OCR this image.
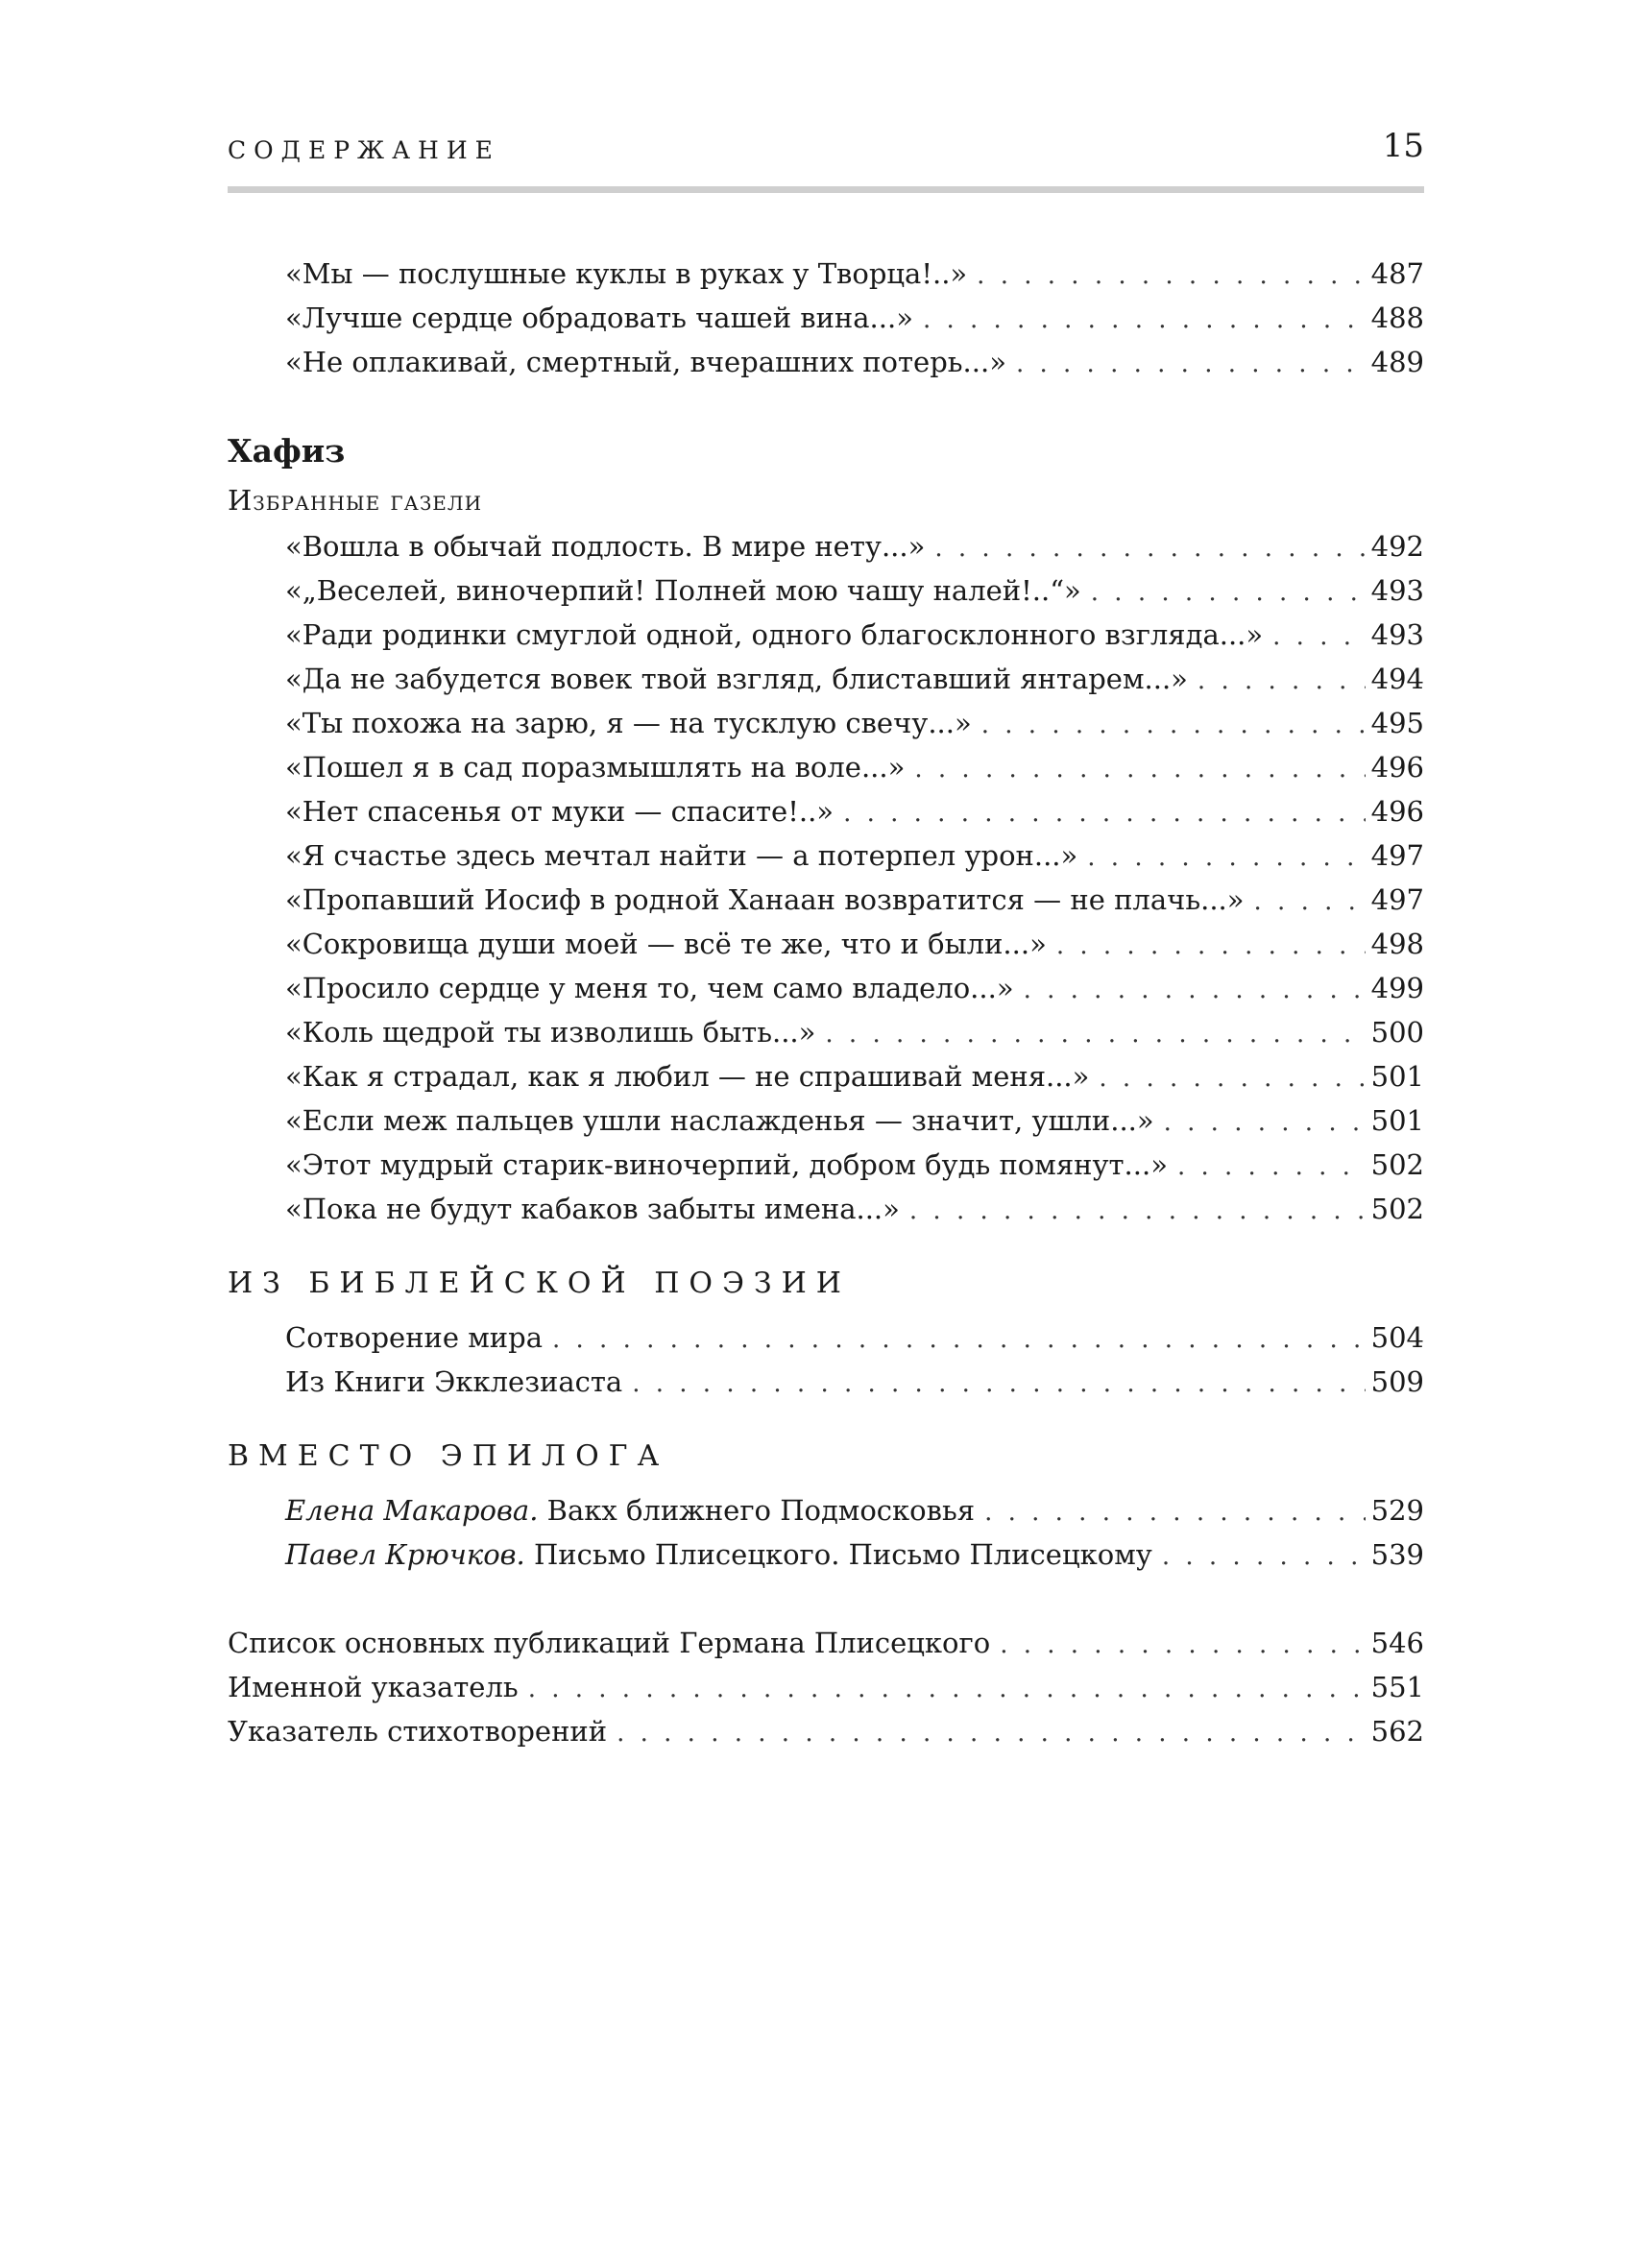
СОДЕРЖАНИЕ	15
«Мы — послушные куклы в руках у Творца!..» . . .	487
«Лучше сердце обрадовать чашей вина...» . . .	488
«Не оплакивай, смертный, вчерашних потерь...» . . .	489
Хафиз
Избранные газели
«Вошла в обычай подлость. В мире нету...» . . .	492
«„Веселей, виночерпий! Полней мою чашу налей!..“» . . .	493
«Ради родинки смуглой одной, одного благосклонного взгляда...» . . .	493
«Да не забудется вовек твой взгляд, блиставший янтарем...» . . .	494
«Ты похожа на зарю, я — на тусклую свечу...» . . .	495
«Пошел я в сад поразмышлять на воле...» . . .	496
«Нет спасенья от муки — спасите!..» . . .	496
«Я счастье здесь мечтал найти — а потерпел урон...» . . .	497
«Пропавший Иосиф в родной Ханаан возвратится — не плачь...» . . .	497
«Сокровища души моей — всё те же, что и были...» . . .	498
«Просило сердце у меня то, чем само владело...» . . .	499
«Коль щедрой ты изволишь быть...» . . .	500
«Как я страдал, как я любил — не спрашивай меня...» . . .	501
«Если меж пальцев ушли наслажденья — значит, ушли...» . . .	501
«Этот мудрый старик-виночерпий, добром будь помянут...» . . .	502
«Пока не будут кабаков забыты имена...» . . .	502
ИЗ БИБЛЕЙСКОЙ ПОЭЗИИ
Сотворение мира . . .	504
Из Книги Экклезиаста . . .	509
ВМЕСТО ЭПИЛОГА
Елена Макарова. Вакх ближнего Подмосковья . . .	529
Павел Крючков. Письмо Плисецкого. Письмо Плисецкому . . .	539
Список основных публикаций Германа Плисецкого . . .	546
Именной указатель . . .	551
Указатель стихотворений . . .	562
